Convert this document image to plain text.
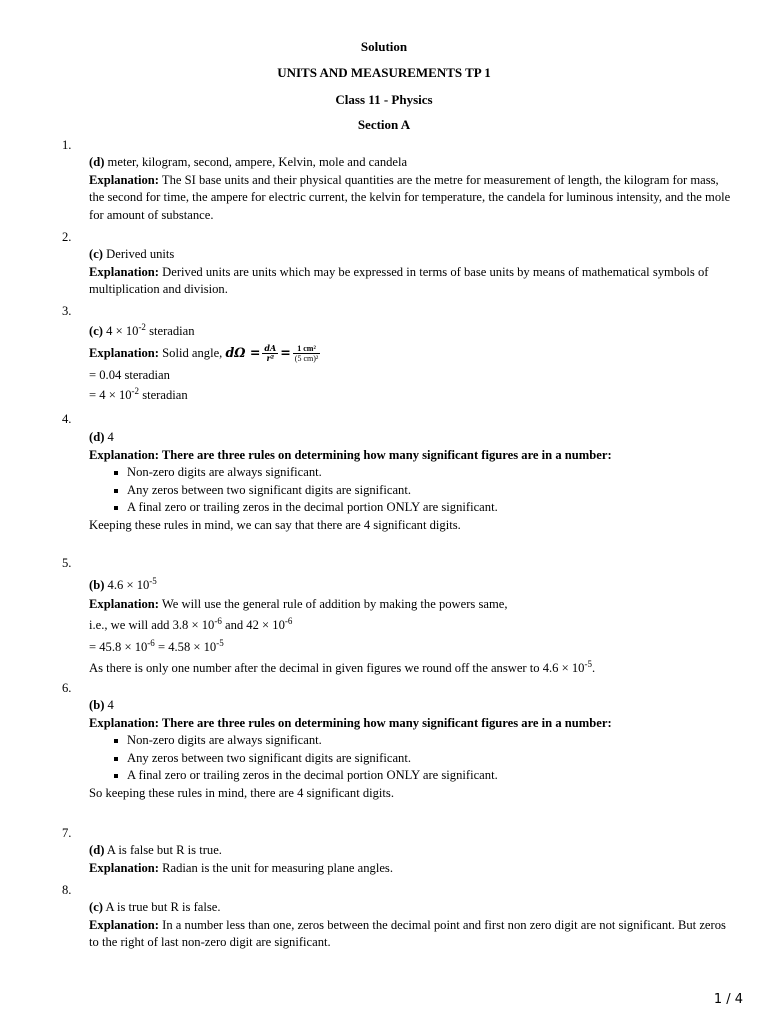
Solution
UNITS AND MEASUREMENTS TP 1
Class 11 - Physics
Section A
1.

(d) meter, kilogram, second, ampere, Kelvin, mole and candela

Explanation: The SI base units and their physical quantities are the metre for measurement of length, the kilogram for mass, the second for time, the ampere for electric current, the kelvin for temperature, the candela for luminous intensity, and the mole for amount of substance.

2.

(c) Derived units

Explanation: Derived units are units which may be expressed in terms of base units by means of mathematical symbols of multiplication and division.

3.

(c) $4 \times 10^{-2}$ steradian

Explanation: Solid angle, $d\Omega = \frac{dA}{\text{r²}} = \frac{\text{1 cm²}}{\text{(5 cm)²}}$

= 0.04 steradian

= $4 \times 10^{-2}$ steradian

4.

(d) 4

Explanation: There are three rules on determining how many significant figures are in a number:

Non-zero digits are always significant.
Any zeros between two significant digits are significant.
A final zero or trailing zeros in the decimal portion ONLY are significant.

Keeping these rules in mind, we can say that there are 4 significant digits.

5.

(b) $4.6 \times 10^{-5}$

Explanation: We will use the general rule of addition by making the powers same,

i.e., we will add $3.8 \times 10^{-6}$ and $42 \times 10^{-6}$

= $45.8 \times 10^{-6} = 4.58 \times 10^{-5}$

As there is only one number after the decimal in given figures we round off the answer to $4.6 \times 10^{-5}$.

6.

(b) 4

Explanation: There are three rules on determining how many significant figures are in a number:

Non-zero digits are always significant.
Any zeros between two significant digits are significant.
A final zero or trailing zeros in the decimal portion ONLY are significant.

So keeping these rules in mind, there are 4 significant digits.

7.

(d) A is false but R is true.

Explanation: Radian is the unit for measuring plane angles.

8.

(c) A is true but R is false.

Explanation: In a number less than one, zeros between the decimal point and first non zero digit are not significant. But zeros to the right of last non-zero digit are significant.

1 / 4
